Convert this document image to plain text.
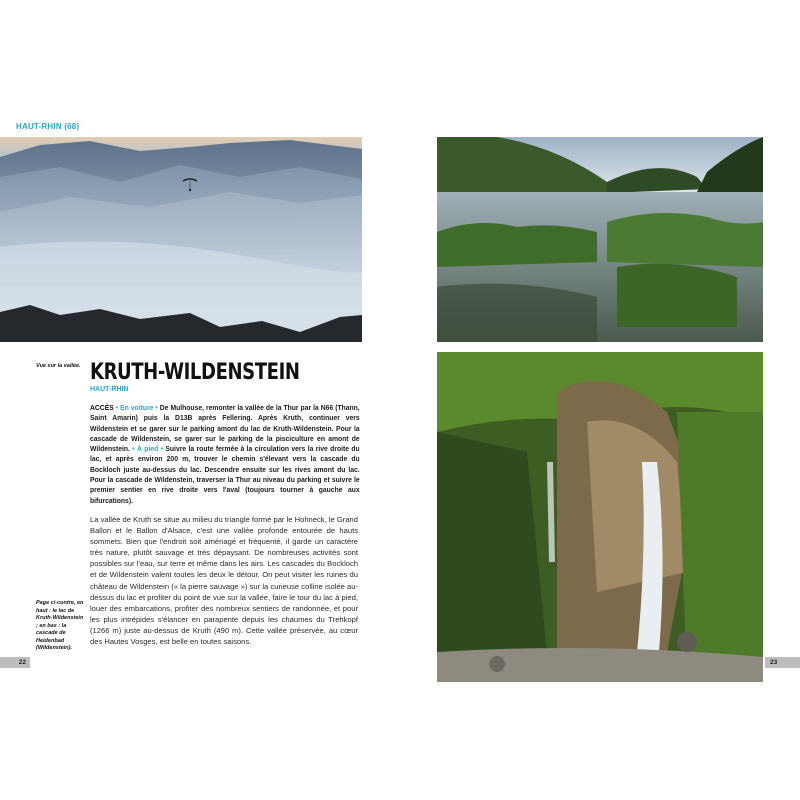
HAUT-RHIN (68)
Vue sur la vallée.
Page ci-contre, en haut : le lac de Kruth-Wildenstein ; en bas : la cascade de Heidenbad (Wildenstein).
KRUTH-WILDENSTEIN
HAUT-RHIN
ACCÈS • En voiture • De Mulhouse, remonter la vallée de la Thur par la N66 (Thann, Saint Amarin) puis la D13B après Fellering. Après Kruth, continuer vers Wildenstein et se garer sur le parking amont du lac de Kruth-Wildenstein. Pour la cascade de Wildenstein, se garer sur le parking de la pisciculture en amont de Wildenstein. • À pied • Suivre la route fermée à la circulation vers la rive droite du lac, et après environ 200 m, trouver le chemin s'élevant vers la cascade du Bockloch juste au-dessus du lac. Descendre ensuite sur les rives amont du lac. Pour la cascade de Wildenstein, traverser la Thur au niveau du parking et suivre le premier sentier en rive droite vers l'aval (toujours tourner à gauche aux bifurcations).
La vallée de Kruth se situe au milieu du triangle formé par le Hohneck, le Grand Ballon et le Ballon d'Alsace, c'est une vallée profonde entourée de hauts sommets. Bien que l'endroit soit aménagé et fréquenté, il garde un caractère très nature, plutôt sauvage et très dépaysant. De nombreuses activités sont possibles sur l'eau, sur terre et même dans les airs. Les cascades du Bockloch et de Wildenstein valent toutes les deux le détour. On peut visiter les ruines du château de Wildenstein (« la pierre sauvage ») sur la curieuse colline isolée au-dessus du lac et profiter du point de vue sur la vallée, faire le tour du lac à pied, louer des embarcations, profiter des nombreux sentiers de randonnée, et pour les plus intrépides s'élancer en parapente depuis les chaumes du Trehkopf (1266 m) juste au-dessus de Kruth (490 m). Cette vallée préservée, au cœur des Hautes Vosges, est belle en toutes saisons.
22	23
